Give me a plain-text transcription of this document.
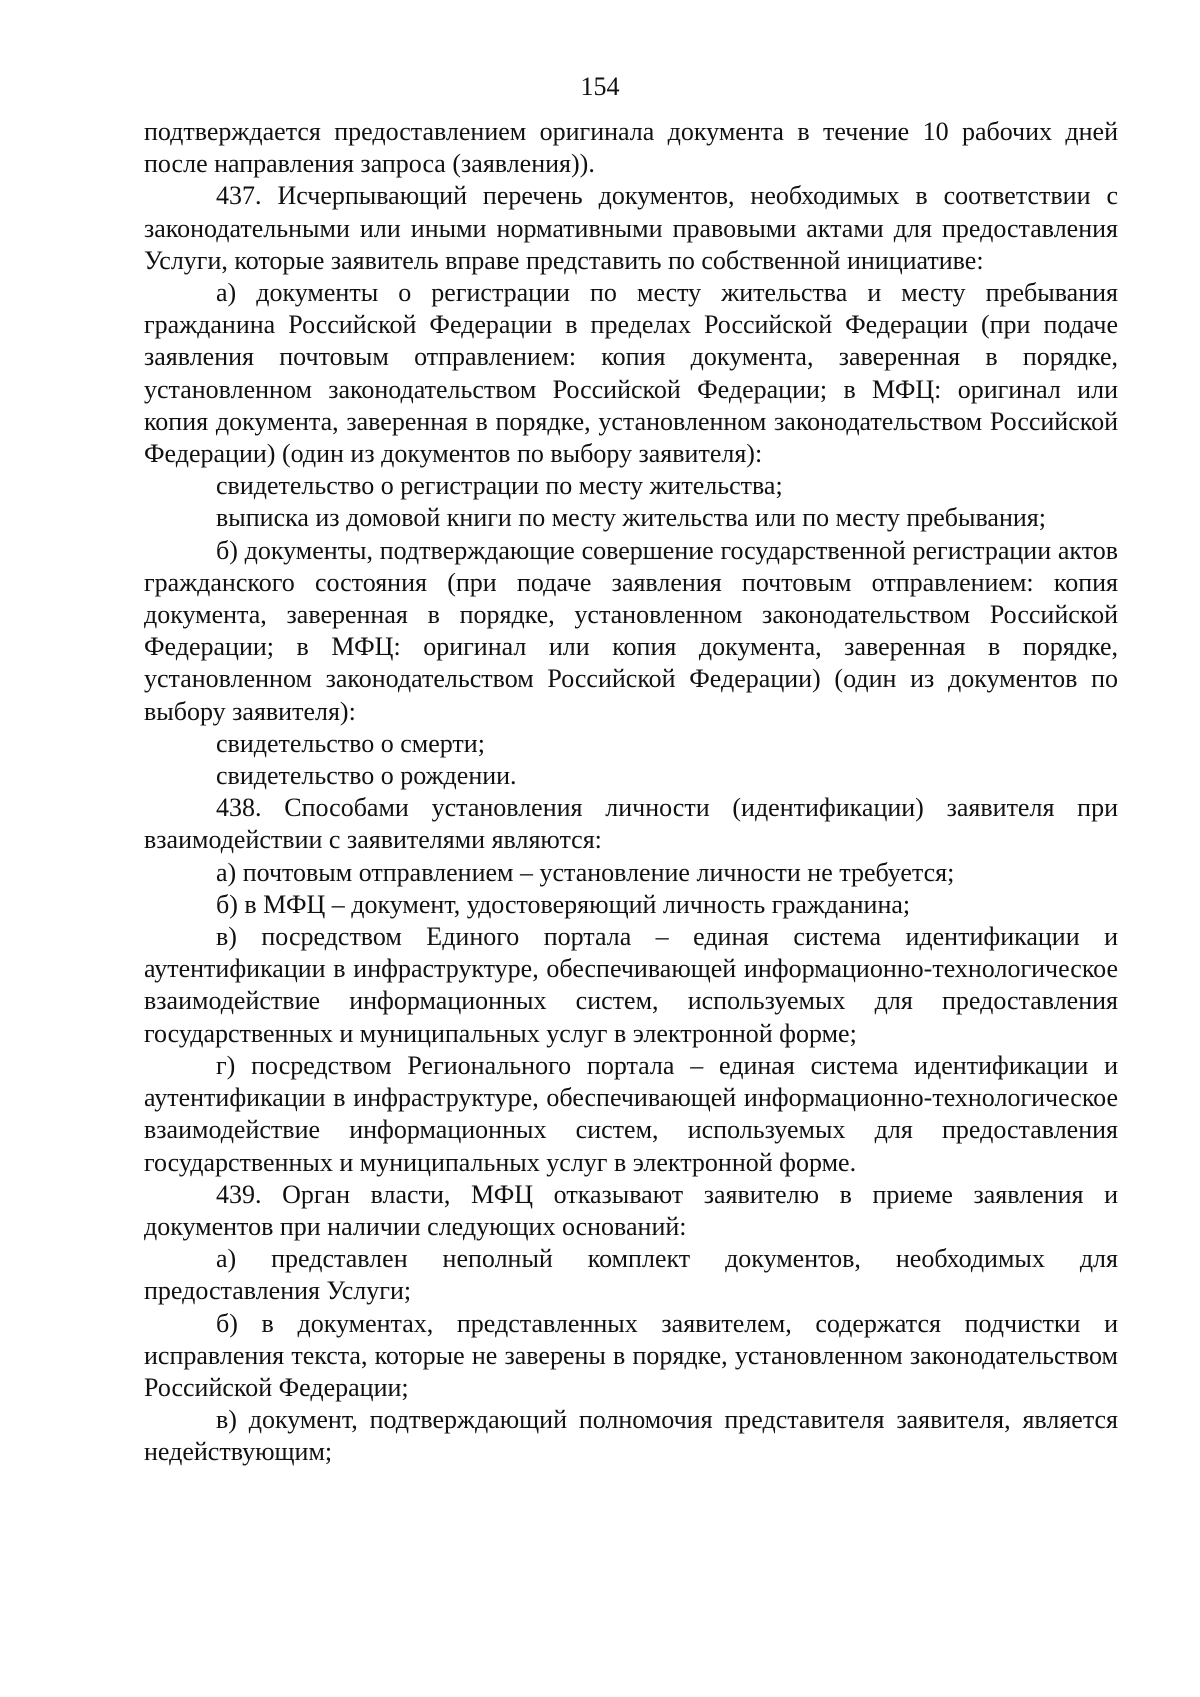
154

подтверждается предоставлением оригинала документа в течение 10 рабочих дней после направления запроса (заявления)).

437. Исчерпывающий перечень документов, необходимых в соответствии с законодательными или иными нормативными правовыми актами для предоставления Услуги, которые заявитель вправе представить по собственной инициативе:

а) документы о регистрации по месту жительства и месту пребывания гражданина Российской Федерации в пределах Российской Федерации (при подаче заявления почтовым отправлением: копия документа, заверенная в порядке, установленном законодательством Российской Федерации; в МФЦ: оригинал или копия документа, заверенная в порядке, установленном законодательством Российской Федерации) (один из документов по выбору заявителя):

свидетельство о регистрации по месту жительства;

выписка из домовой книги по месту жительства или по месту пребывания;

б) документы, подтверждающие совершение государственной регистрации актов гражданского состояния (при подаче заявления почтовым отправлением: копия документа, заверенная в порядке, установленном законодательством Российской Федерации; в МФЦ: оригинал или копия документа, заверенная в порядке, установленном законодательством Российской Федерации) (один из документов по выбору заявителя):

свидетельство о смерти;

свидетельство о рождении.

438. Способами установления личности (идентификации) заявителя при взаимодействии с заявителями являются:

а) почтовым отправлением – установление личности не требуется;

б) в МФЦ – документ, удостоверяющий личность гражданина;

в) посредством Единого портала – единая система идентификации и аутентификации в инфраструктуре, обеспечивающей информационно-технологическое взаимодействие информационных систем, используемых для предоставления государственных и муниципальных услуг в электронной форме;

г) посредством Регионального портала – единая система идентификации и аутентификации в инфраструктуре, обеспечивающей информационно-технологическое взаимодействие информационных систем, используемых для предоставления государственных и муниципальных услуг в электронной форме.

439. Орган власти, МФЦ отказывают заявителю в приеме заявления и документов при наличии следующих оснований:

а) представлен неполный комплект документов, необходимых для предоставления Услуги;

б) в документах, представленных заявителем, содержатся подчистки и исправления текста, которые не заверены в порядке, установленном законодательством Российской Федерации;

в) документ, подтверждающий полномочия представителя заявителя, является недействующим;
